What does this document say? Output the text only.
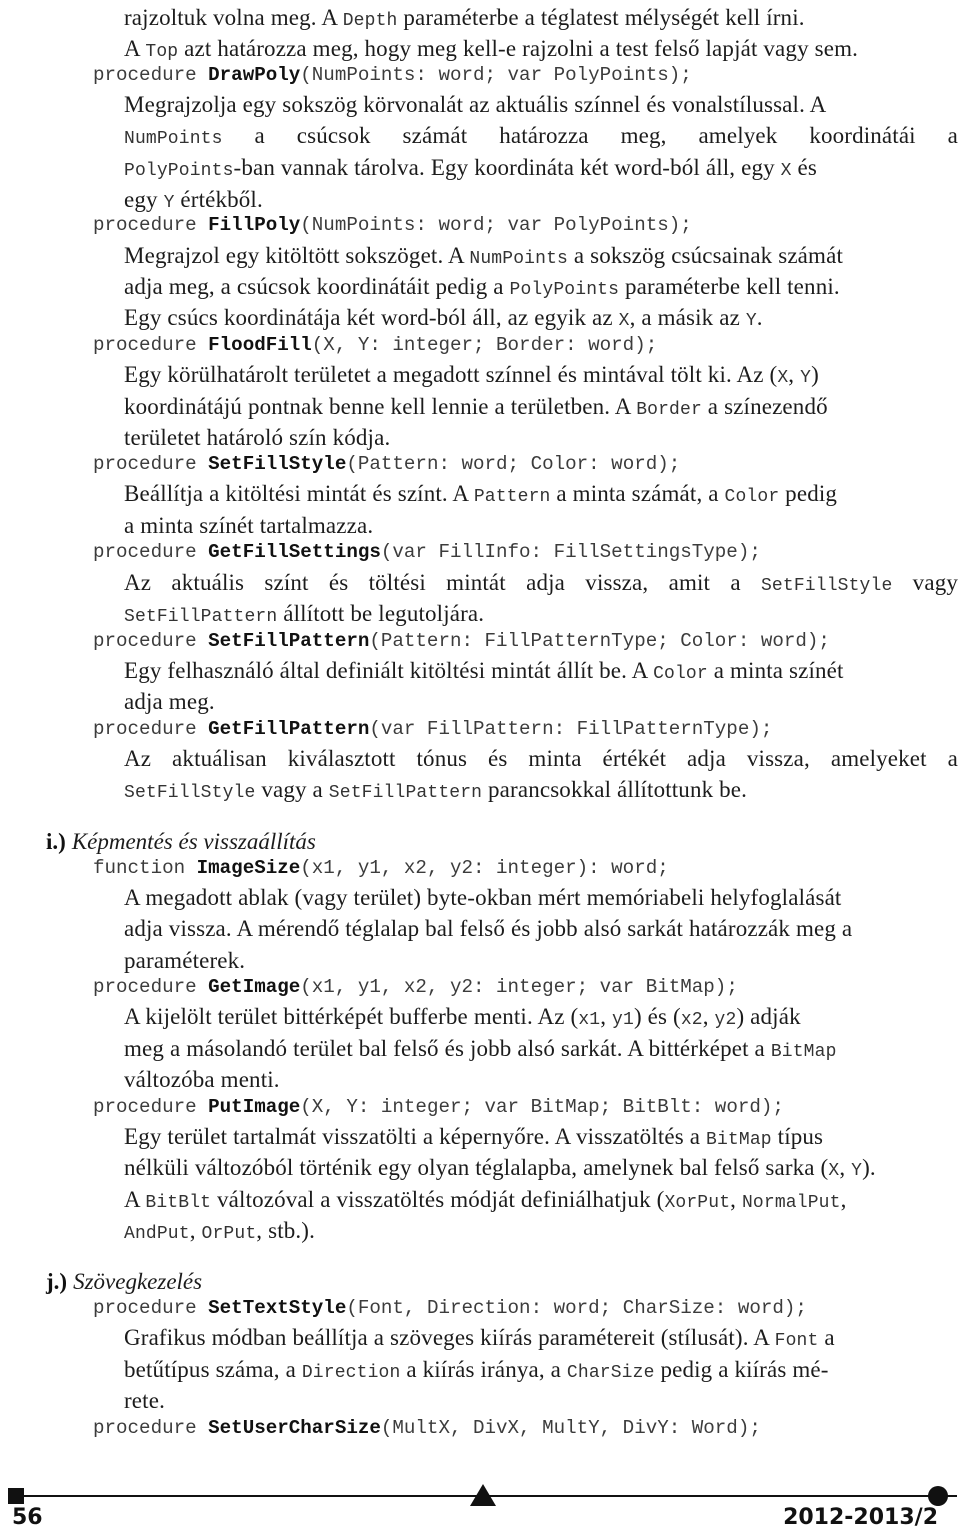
rajzoltuk volna meg. A Depth paraméterbe a téglatest mélységét kell írni.
A Top azt határozza meg, hogy meg kell-e rajzolni a test felső lapját vagy sem.
procedure DrawPoly(NumPoints: word; var PolyPoints);
Megrajzolja egy sokszög körvonalát az aktuális színnel és vonalstílussal. A
NumPoints a csúcsok számát határozza meg, amelyek koordinátái a
PolyPoints-ban vannak tárolva. Egy koordináta két word-ból áll, egy X és
egy Y értékből.
procedure FillPoly(NumPoints: word; var PolyPoints);
Megrajzol egy kitöltött sokszöget. A NumPoints a sokszög csúcsainak számát
adja meg, a csúcsok koordinátáit pedig a PolyPoints paraméterbe kell tenni.
Egy csúcs koordinátája két word-ból áll, az egyik az X, a másik az Y.
procedure FloodFill(X, Y: integer; Border: word);
Egy körülhatárolt területet a megadott színnel és mintával tölt ki. Az (X, Y)
koordinátájú pontnak benne kell lennie a területben. A Border a színezendő
területet határoló szín kódja.
procedure SetFillStyle(Pattern: word; Color: word);
Beállítja a kitöltési mintát és színt. A Pattern a minta számát, a Color pedig
a minta színét tartalmazza.
procedure GetFillSettings(var FillInfo: FillSettingsType);
Az aktuális színt és töltési mintát adja vissza, amit a SetFillStyle vagy
SetFillPattern állított be legutoljára.
procedure SetFillPattern(Pattern: FillPatternType; Color: word);
Egy felhasználó által definiált kitöltési mintát állít be. A Color a minta színét
adja meg.
procedure GetFillPattern(var FillPattern: FillPatternType);
Az aktuálisan kiválasztott tónus és minta értékét adja vissza, amelyeket a
SetFillStyle vagy a SetFillPattern parancsokkal állítottunk be.
i.) Képmentés és visszaállítás
function ImageSize(x1, y1, x2, y2: integer): word;
A megadott ablak (vagy terület) byte-okban mért memóriabeli helyfoglalását
adja vissza. A mérendő téglalap bal felső és jobb alsó sarkát határozzák meg a
paraméterek.
procedure GetImage(x1, y1, x2, y2: integer; var BitMap);
A kijelölt terület bittérképét bufferbe menti. Az (x1, y1) és (x2, y2) adják
meg a másolandó terület bal felső és jobb alsó sarkát. A bittérképet a BitMap
változóba menti.
procedure PutImage(X, Y: integer; var BitMap; BitBlt: word);
Egy terület tartalmát visszatölti a képernyőre. A visszatöltés a BitMap típus
nélküli változóból történik egy olyan téglalapba, amelynek bal felső sarka (X, Y).
A BitBlt változóval a visszatöltés módját definiálhatjuk (XorPut, NormalPut,
AndPut, OrPut, stb.).
j.) Szövegkezelés
procedure SetTextStyle(Font, Direction: word; CharSize: word);
Grafikus módban beállítja a szöveges kiírás paramétereit (stílusát). A Font a
betűtípus száma, a Direction a kiírás iránya, a CharSize pedig a kiírás mé-
rete.
procedure SetUserCharSize(MultX, DivX, MultY, DivY: Word);
56	2012-2013/2
